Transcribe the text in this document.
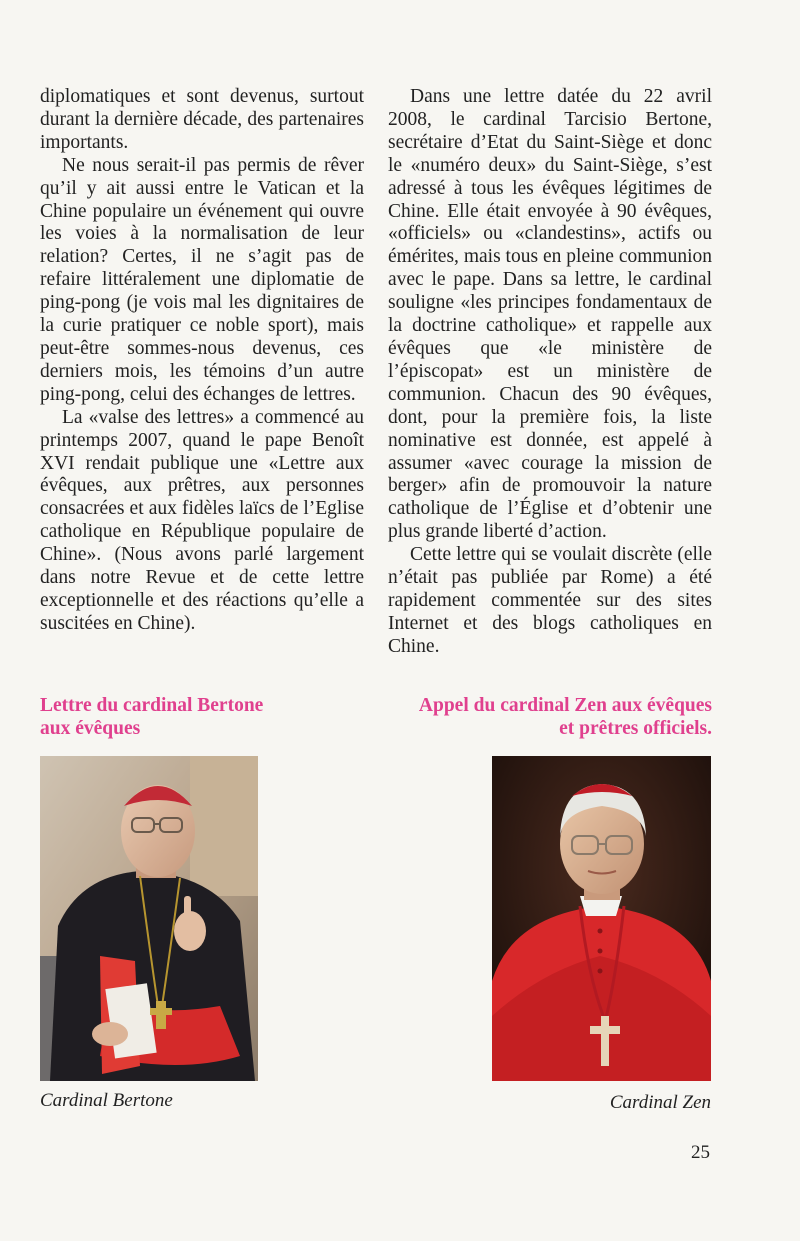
diplomatiques et sont devenus, surtout durant la dernière décade, des partenaires importants.

Ne nous serait-il pas permis de rêver qu’il y ait aussi entre le Vatican et la Chine populaire un événement qui ouvre les voies à la normalisation de leur relation? Certes, il ne s’agit pas de refaire littéralement une diplomatie de ping-pong (je vois mal les dignitaires de la curie pratiquer ce noble sport), mais peut-être sommes-nous devenus, ces derniers mois, les témoins d’un autre ping-pong, celui des échanges de lettres.

La «valse des lettres» a commencé au printemps 2007, quand le pape Benoît XVI rendait publique une «Lettre aux évêques, aux prêtres, aux personnes consacrées et aux fidèles laïcs de l’Eglise catholique en République populaire de Chine». (Nous avons parlé largement dans notre Revue et de cette lettre exceptionnelle et des réactions qu’elle a suscitées en Chine).

Dans une lettre datée du 22 avril 2008, le cardinal Tarcisio Bertone, secrétaire d’Etat du Saint-Siège et donc le «numéro deux» du Saint-Siège, s’est adressé à tous les évêques légitimes de Chine. Elle était envoyée à 90 évêques, «officiels» ou «clandestins», actifs ou émérites, mais tous en pleine communion avec le pape. Dans sa lettre, le cardinal souligne «les principes fondamentaux de la doctrine catholique» et rappelle aux évêques que «le ministère de l’épiscopat» est un ministère de communion. Chacun des 90 évêques, dont, pour la première fois, la liste nominative est donnée, est appelé à assumer «avec courage la mission de berger» afin de promouvoir la nature catholique de l’Église et d’obtenir une plus grande liberté d’action.

Cette lettre qui se voulait discrète (elle n’était pas publiée par Rome) a été rapidement commentée sur des sites Internet et des blogs catholiques en Chine.

Lettre du cardinal Bertone
aux évêques
Appel du cardinal Zen aux évêques
et prêtres officiels.
Cardinal Bertone	Cardinal Zen
25
